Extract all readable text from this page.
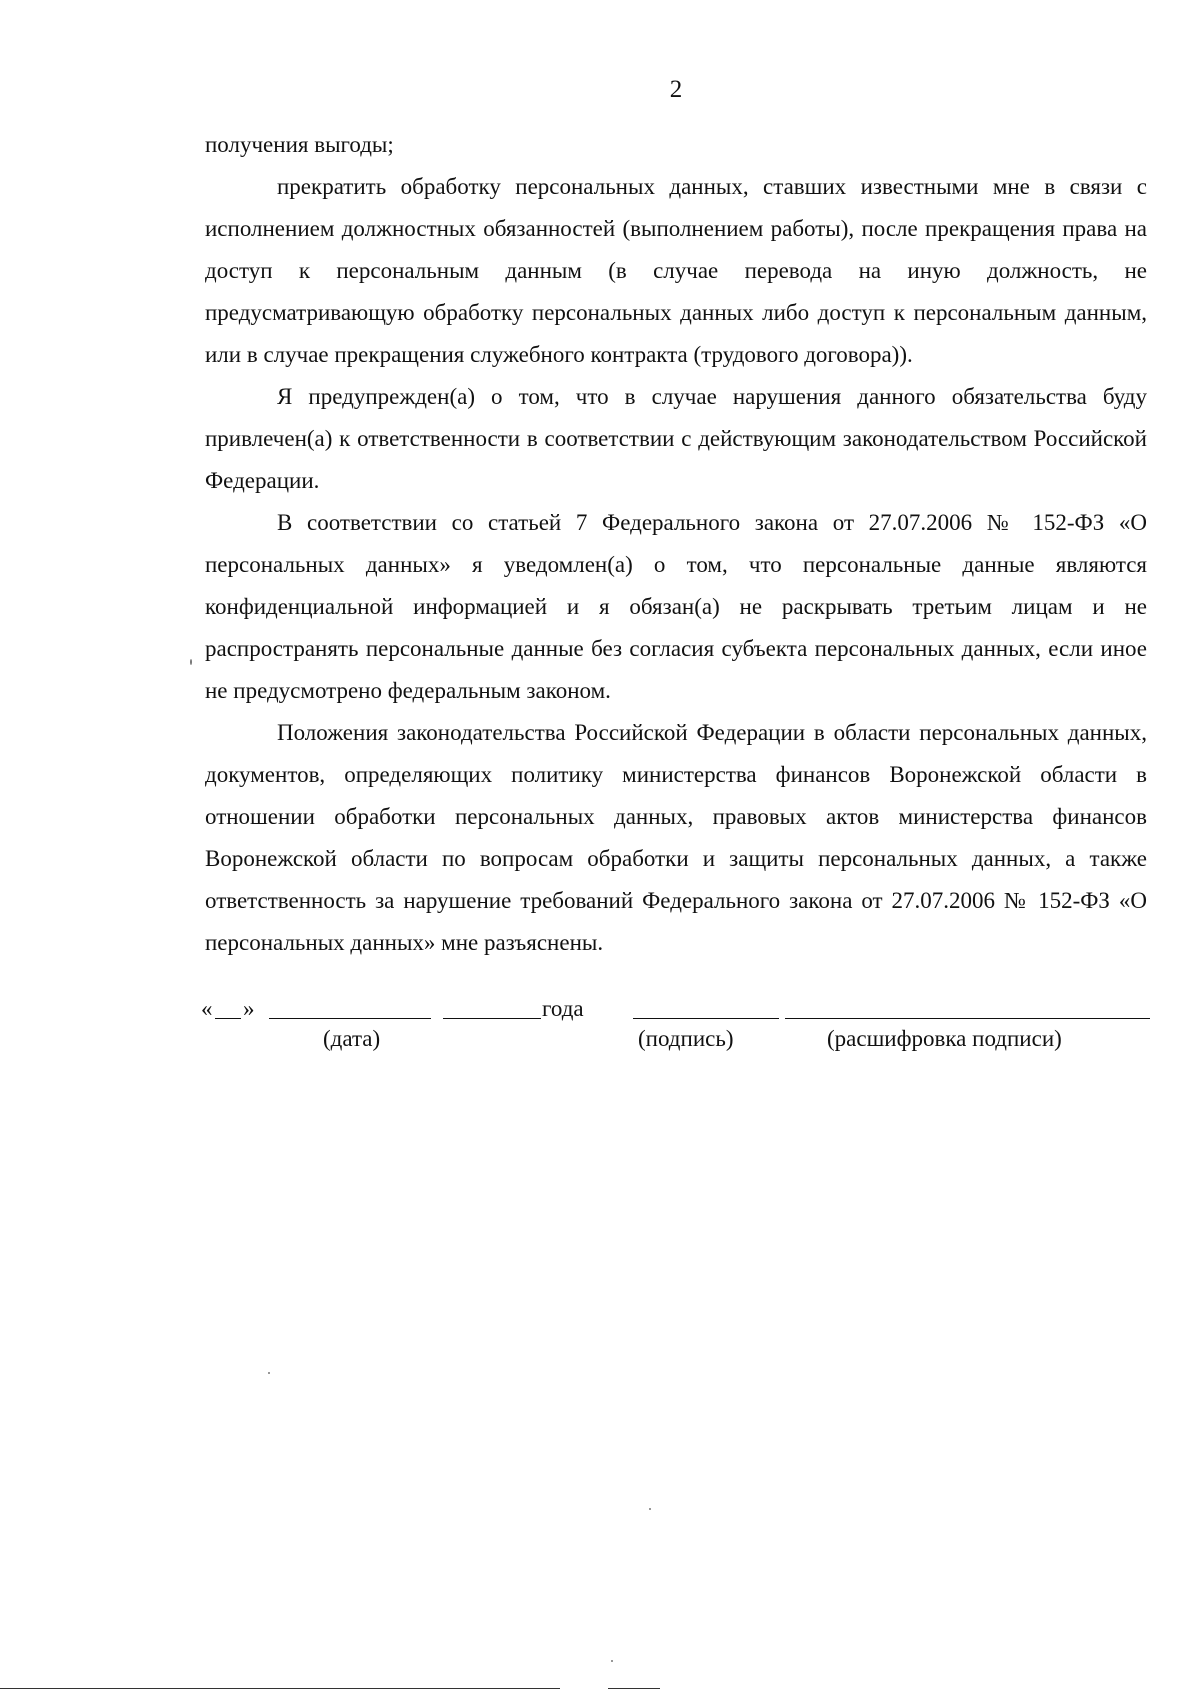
2

получения выгоды;

прекратить обработку персональных данных, ставших известными мне в связи с исполнением должностных обязанностей (выполнением работы), после прекращения права на доступ к персональным данным (в случае перевода на иную должность, не предусматривающую обработку персональных данных либо доступ к персональным данным, или в случае прекращения служебного контракта (трудового договора)).

Я предупрежден(а) о том, что в случае нарушения данного обязательства буду привлечен(а) к ответственности в соответствии с действующим законодательством Российской Федерации.

В соответствии со статьей 7 Федерального закона от 27.07.2006 № 152-ФЗ «О персональных данных» я уведомлен(а) о том, что персональные данные являются конфиденциальной информацией и я обязан(а) не раскрывать третьим лицам и не распространять персональные данные без согласия субъекта персональных данных, если иное не предусмотрено федеральным законом.

Положения законодательства Российской Федерации в области персональных данных, документов, определяющих политику министерства финансов Воронежской области в отношении обработки персональных данных, правовых актов министерства финансов Воронежской области по вопросам обработки и защиты персональных данных, а также ответственность за нарушение требований Федерального закона от 27.07.2006 № 152-ФЗ «О персональных данных» мне разъяснены.

« »	года
(дата)	(подпись)	(расшифровка подписи)
